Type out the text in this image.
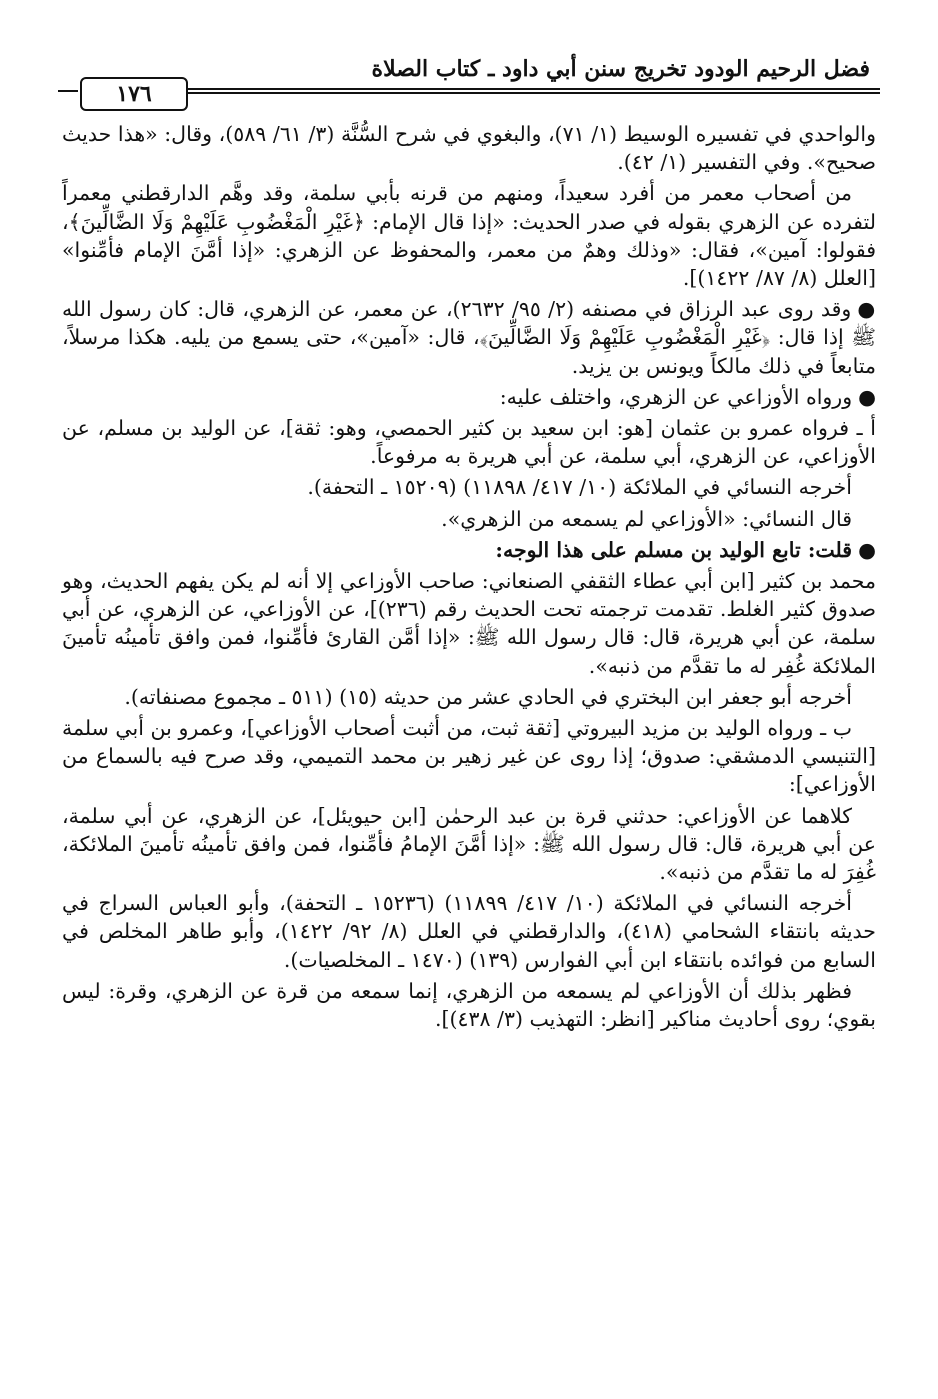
فضل الرحيم الودود تخريج سنن أبي داود ـ كتاب الصلاة
١٧٦

والواحدي في تفسيره الوسيط (١/ ٧١)، والبغوي في شرح السُّنَّة (٣/ ٦١/ ٥٨٩)، وقال: «هذا حديث صحيح». وفي التفسير (١/ ٤٢).

من أصحاب معمر من أفرد سعيداً، ومنهم من قرنه بأبي سلمة، وقد وهَّم الدارقطني معمراً لتفرده عن الزهري بقوله في صدر الحديث: «إذا قال الإمام: ﴿غَيْرِ الْمَغْضُوبِ عَلَيْهِمْ وَلَا الضَّالِّينَ﴾، فقولوا: آمين»، فقال: «وذلك وهمٌ من معمر، والمحفوظ عن الزهري: «إذا أمَّنَ الإمام فأمِّنوا» [العلل (٨/ ٨٧/ ١٤٢٢)].

●وقد روى عبد الرزاق في مصنفه (٢/ ٩٥/ ٢٦٣٢)، عن معمر، عن الزهري، قال: كان رسول الله ﷺ إذا قال: ﴿غَيْرِ الْمَغْضُوبِ عَلَيْهِمْ وَلَا الضَّالِّينَ﴾، قال: «آمين»، حتى يسمع من يليه. هكذا مرسلاً، متابعاً في ذلك مالكاً ويونس بن يزيد.

●ورواه الأوزاعي عن الزهري، واختلف عليه:

أ ـ فرواه عمرو بن عثمان [هو: ابن سعيد بن كثير الحمصي، وهو: ثقة]، عن الوليد بن مسلم، عن الأوزاعي، عن الزهري، أبي سلمة، عن أبي هريرة به مرفوعاً.

أخرجه النسائي في الملائكة (١٠/ ٤١٧/ ١١٨٩٨) (١٥٢٠٩ ـ التحفة).

قال النسائي: «الأوزاعي لم يسمعه من الزهري».

●قلت: تابع الوليد بن مسلم على هذا الوجه:

محمد بن كثير [ابن أبي عطاء الثقفي الصنعاني: صاحب الأوزاعي إلا أنه لم يكن يفهم الحديث، وهو صدوق كثير الغلط. تقدمت ترجمته تحت الحديث رقم (٢٣٦)]، عن الأوزاعي، عن الزهري، عن أبي سلمة، عن أبي هريرة، قال: قال رسول الله ﷺ: «إذا أمَّن القارئ فأمِّنوا، فمن وافق تأمينُه تأمينَ الملائكة غُفِر له ما تقدَّم من ذنبه».

أخرجه أبو جعفر ابن البختري في الحادي عشر من حديثه (١٥) (٥١١ ـ مجموع مصنفاته).

ب ـ ورواه الوليد بن مزيد البيروتي [ثقة ثبت، من أثبت أصحاب الأوزاعي]، وعمرو بن أبي سلمة [التنيسي الدمشقي: صدوق؛ إذا روى عن غير زهير بن محمد التميمي، وقد صرح فيه بالسماع من الأوزاعي]:

كلاهما عن الأوزاعي: حدثني قرة بن عبد الرحمٰن [ابن حيويئل]، عن الزهري، عن أبي سلمة، عن أبي هريرة، قال: قال رسول الله ﷺ: «إذا أمَّنَ الإمامُ فأمِّنوا، فمن وافق تأمينُه تأمينَ الملائكة، غُفِرَ له ما تقدَّم من ذنبه».

أخرجه النسائي في الملائكة (١٠/ ٤١٧/ ١١٨٩٩) (١٥٢٣٦ ـ التحفة)، وأبو العباس السراج في حديثه بانتقاء الشحامي (٤١٨)، والدارقطني في العلل (٨/ ٩٢/ ١٤٢٢)، وأبو طاهر المخلص في السابع من فوائده بانتقاء ابن أبي الفوارس (١٣٩) (١٤٧٠ ـ المخلصيات).

فظهر بذلك أن الأوزاعي لم يسمعه من الزهري، إنما سمعه من قرة عن الزهري، وقرة: ليس بقوي؛ روى أحاديث مناكير [انظر: التهذيب (٣/ ٤٣٨)].
